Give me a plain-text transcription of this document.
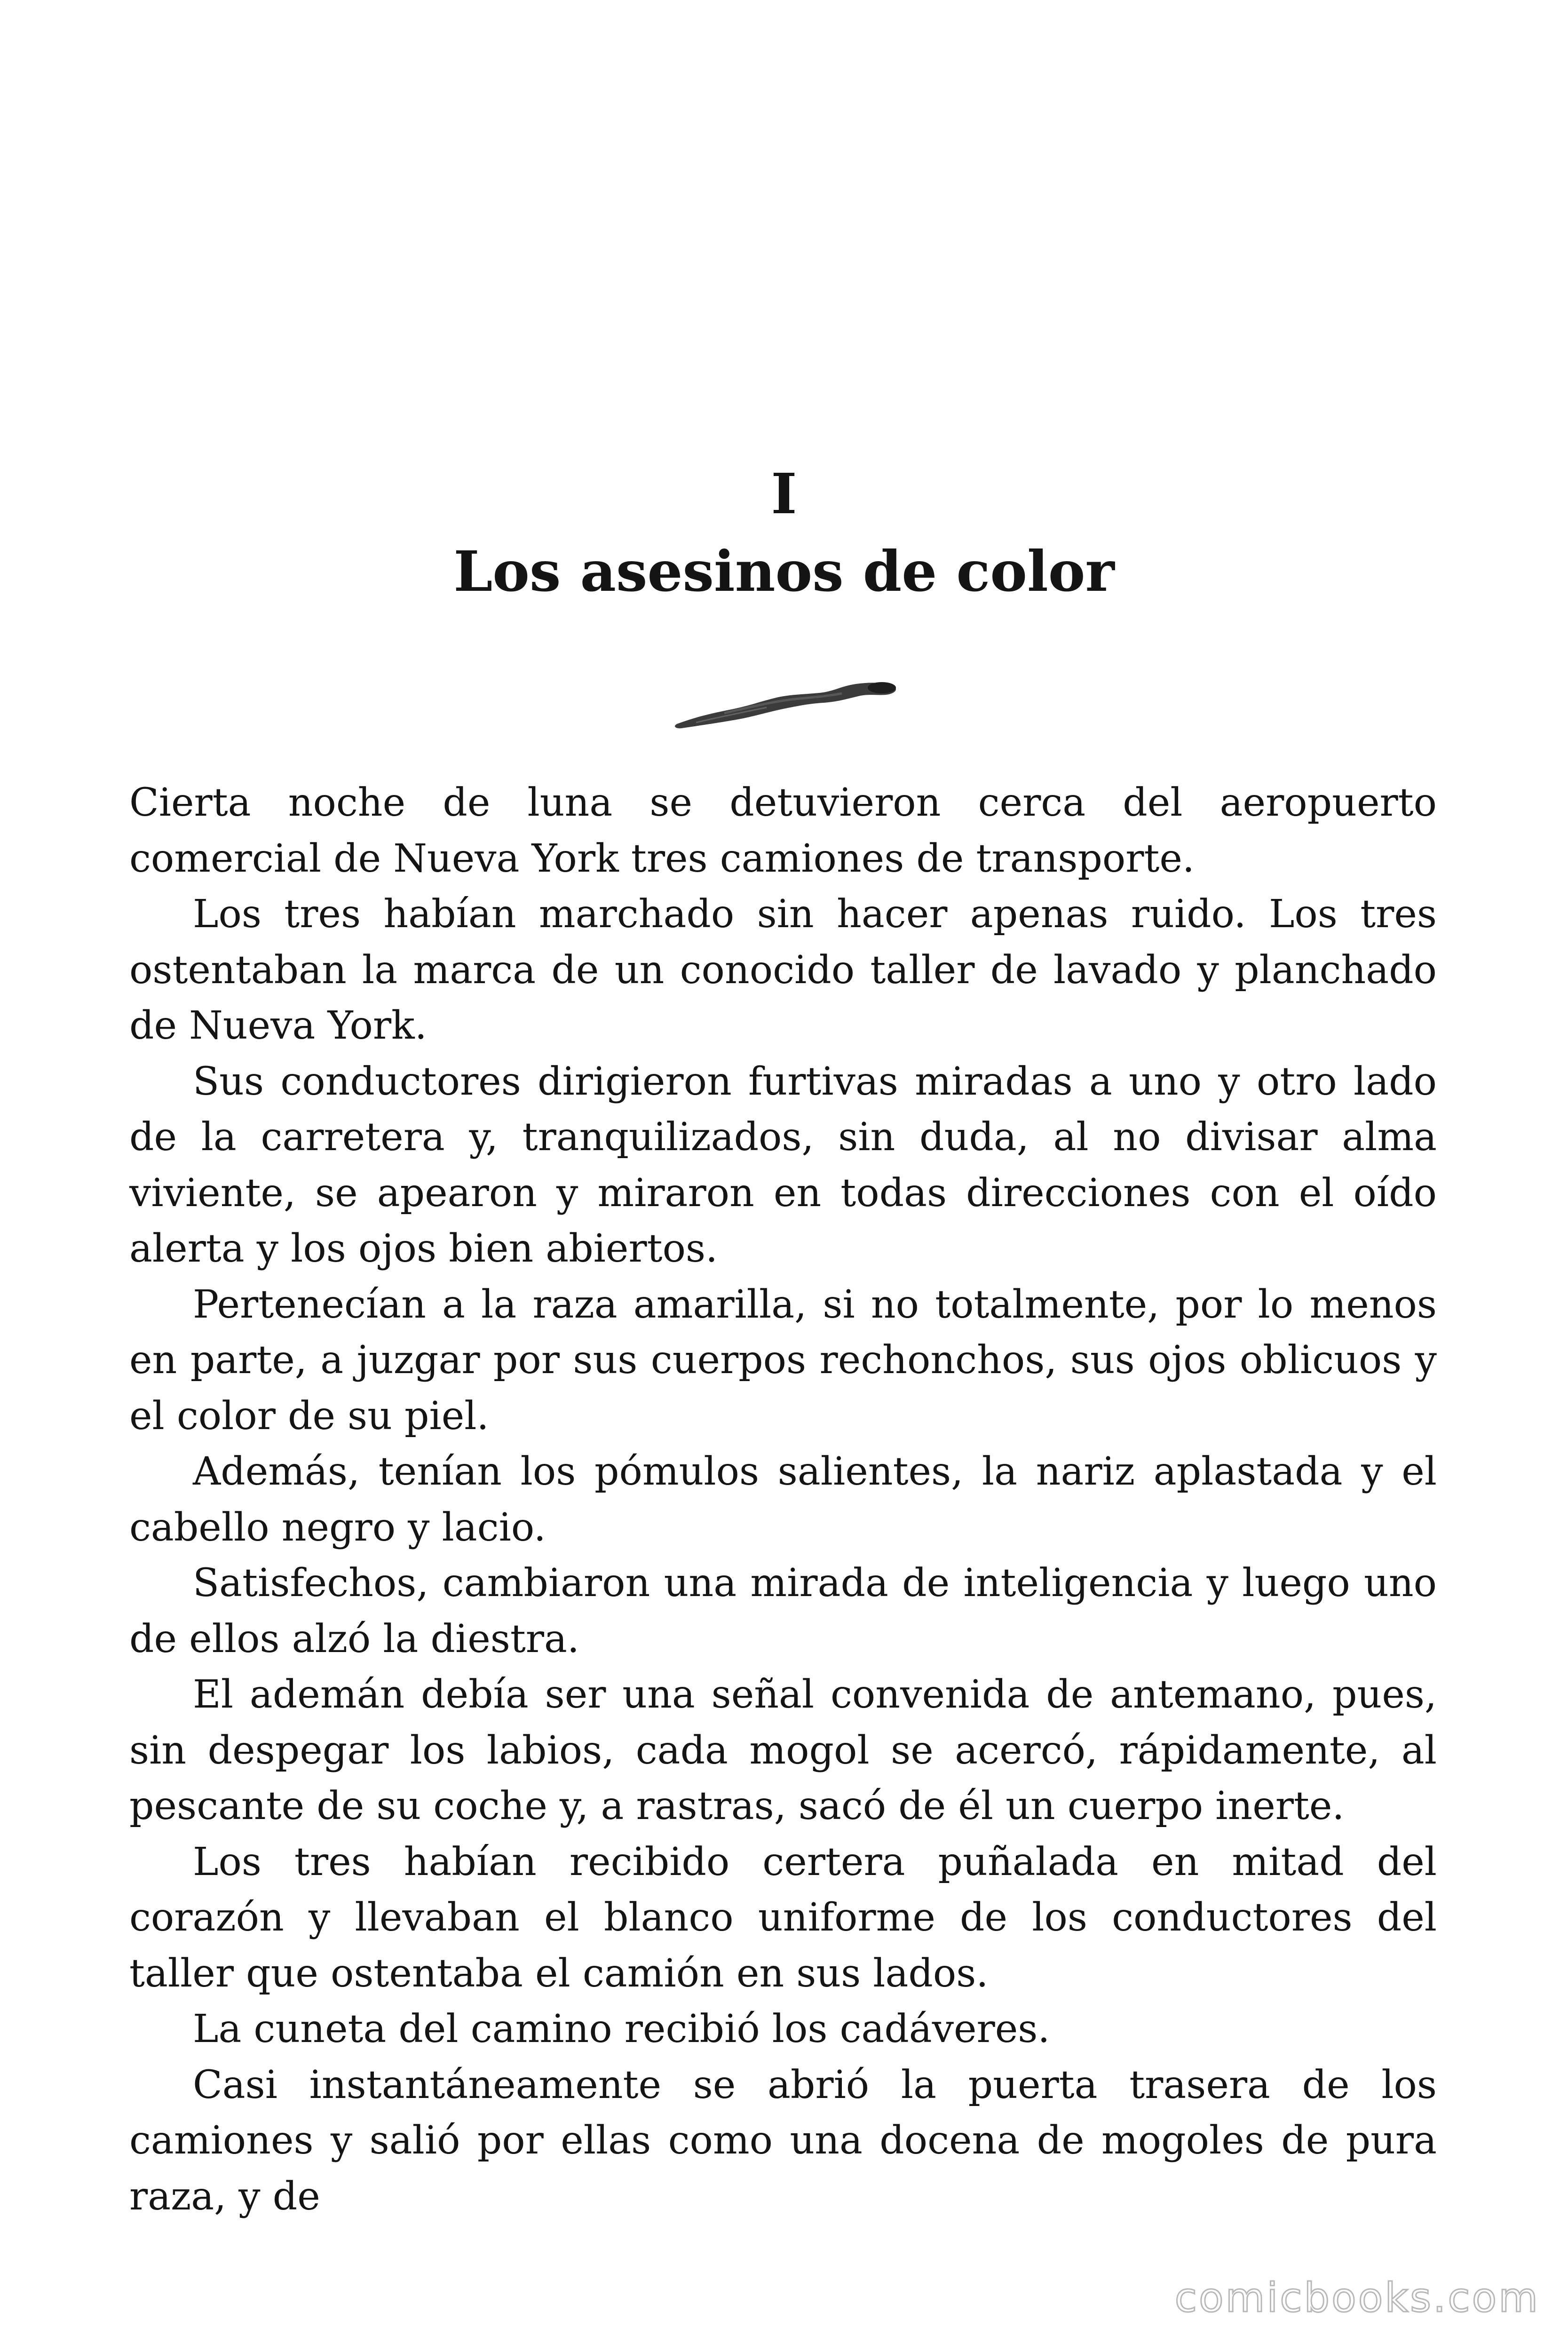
I
Los asesinos de color

Cierta noche de luna se detuvieron cerca del aeropuerto comercial de Nueva York tres camiones de transporte.

Los tres habían marchado sin hacer apenas ruido. Los tres ostentaban la marca de un conocido taller de lavado y planchado de Nueva York.

Sus conductores dirigieron furtivas miradas a uno y otro lado de la carretera y, tranquilizados, sin duda, al no divisar alma viviente, se apearon y miraron en todas direcciones con el oído alerta y los ojos bien abiertos.

Pertenecían a la raza amarilla, si no totalmente, por lo menos en parte, a juzgar por sus cuerpos rechonchos, sus ojos oblicuos y el color de su piel.

Además, tenían los pómulos salientes, la nariz aplastada y el cabello negro y lacio.

Satisfechos, cambiaron una mirada de inteligencia y luego uno de ellos alzó la diestra.

El ademán debía ser una señal convenida de antemano, pues, sin despegar los labios, cada mogol se acercó, rápidamente, al pescante de su coche y, a rastras, sacó de él un cuerpo inerte.

Los tres habían recibido certera puñalada en mitad del corazón y llevaban el blanco uniforme de los conductores del taller que ostentaba el camión en sus lados.

La cuneta del camino recibió los cadáveres.

Casi instantáneamente se abrió la puerta trasera de los camiones y salió por ellas como una docena de mogoles de pura raza, y de

comicbooks.com
